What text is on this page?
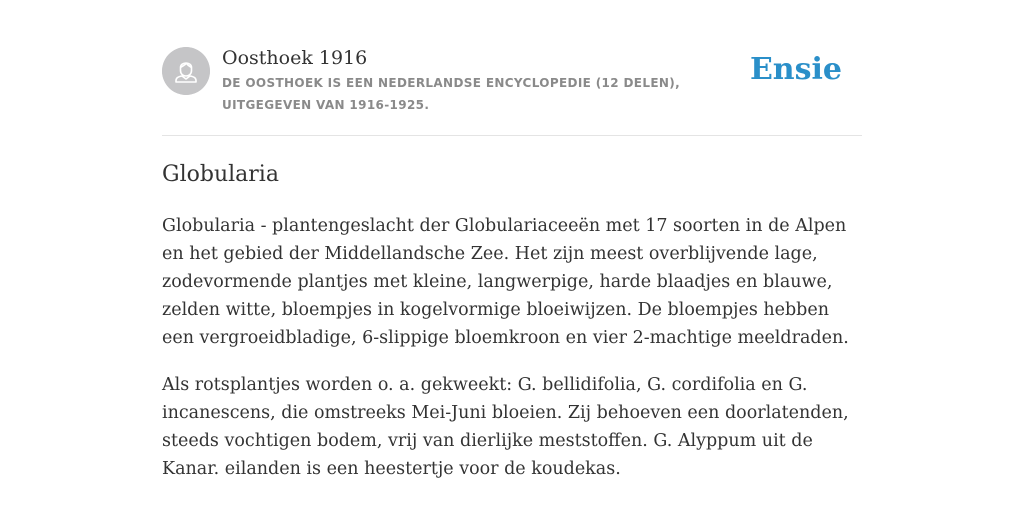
Oosthoek 1916
DE OOSTHOEK IS EEN NEDERLANDSE ENCYCLOPEDIE (12 DELEN), UITGEGEVEN VAN 1916-1925.
Ensie
Globularia

Globularia - plantengeslacht der Globulariaceeën met 17 soorten in de Alpen en het gebied der Middellandsche Zee. Het zijn meest overblijvende lage, zodevormende plantjes met kleine, langwerpige, harde blaadjes en blauwe, zelden witte, bloempjes in kogelvormige bloeiwijzen. De bloempjes hebben een vergroeidbladige, 6-slippige bloemkroon en vier 2-machtige meeldraden.

Als rotsplantjes worden o. a. gekweekt: G. bellidifolia, G. cordifolia en G. incanescens, die omstreeks Mei-Juni bloeien. Zij behoeven een doorlatenden, steeds vochtigen bodem, vrij van dierlijke meststoffen. G. Alyppum uit de Kanar. eilanden is een heestertje voor de koudekas.
